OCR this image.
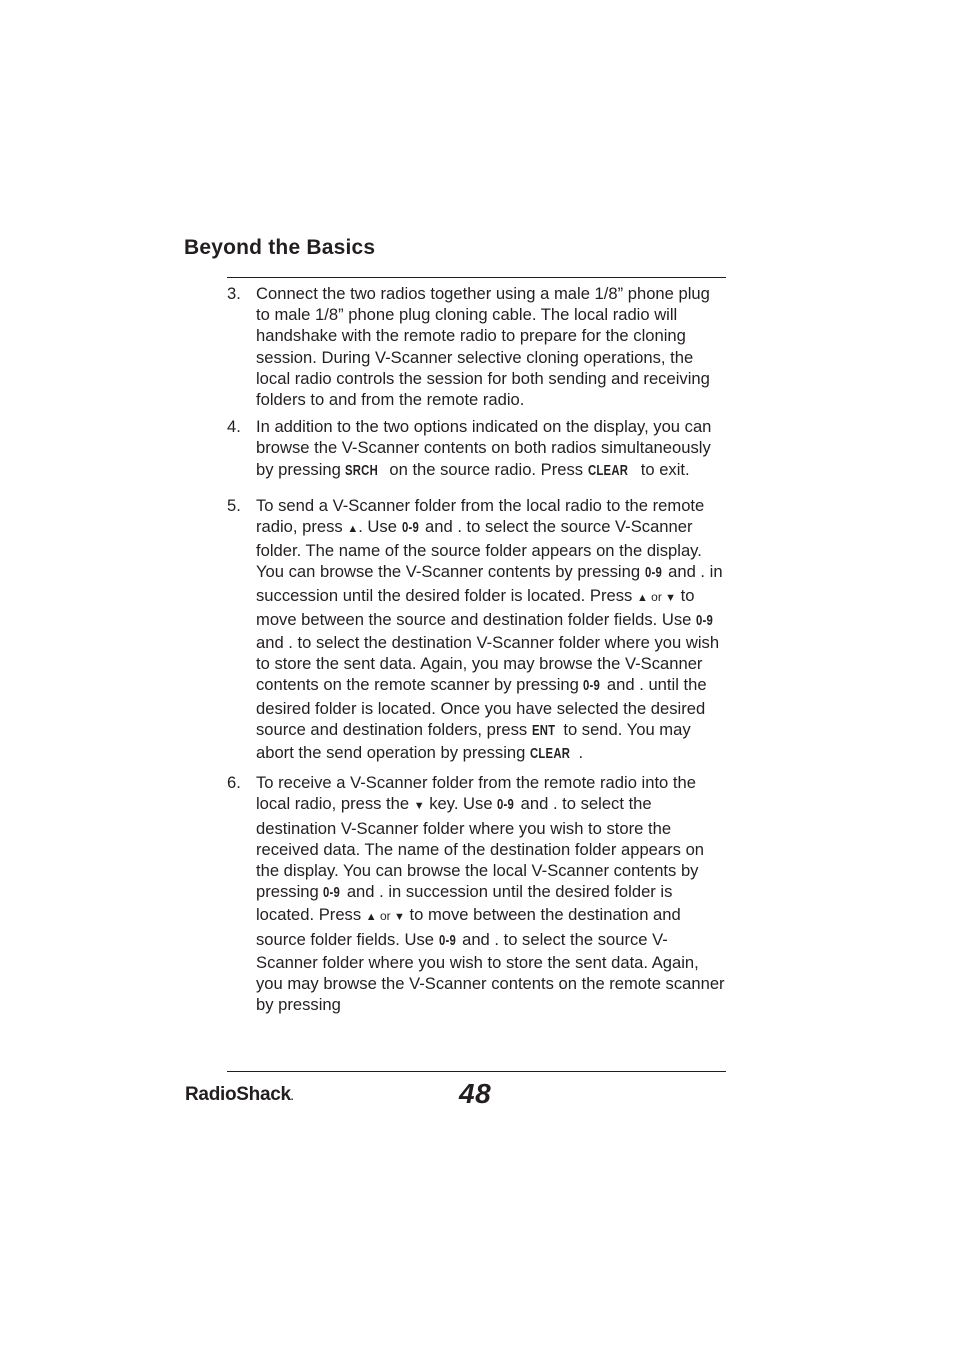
Beyond the Basics
3. Connect the two radios together using a male 1/8” phone plug to male 1/8” phone plug cloning cable. The local radio will handshake with the remote radio to prepare for the cloning session. During V-Scanner selective cloning operations, the local radio controls the session for both sending and receiving folders to and from the remote radio.
4. In addition to the two options indicated on the display, you can browse the V-Scanner contents on both radios simultaneously by pressing SRCH on the source radio. Press CLEAR to exit.
5. To send a V-Scanner folder from the local radio to the remote radio, press ▲. Use 0-9 and . to select the source V-Scanner folder. The name of the source folder appears on the display. You can browse the V-Scanner contents by pressing 0-9 and . in succession until the desired folder is located. Press ▲ or ▼ to move between the source and destination folder fields. Use 0-9 and . to select the destination V-Scanner folder where you wish to store the sent data. Again, you may browse the V-Scanner contents on the remote scanner by pressing 0-9 and . until the desired folder is located. Once you have selected the desired source and destination folders, press ENT to send. You may abort the send operation by pressing CLEAR .
6. To receive a V-Scanner folder from the remote radio into the local radio, press the ▼ key. Use 0-9 and . to select the destination V-Scanner folder where you wish to store the received data. The name of the destination folder appears on the display. You can browse the local V-Scanner contents by pressing 0-9 and . in succession until the desired folder is located. Press ▲ or ▼ to move between the destination and source folder fields. Use 0-9 and . to select the source V-Scanner folder where you wish to store the sent data. Again, you may browse the V-Scanner contents on the remote scanner by pressing
RadioShack.	48
